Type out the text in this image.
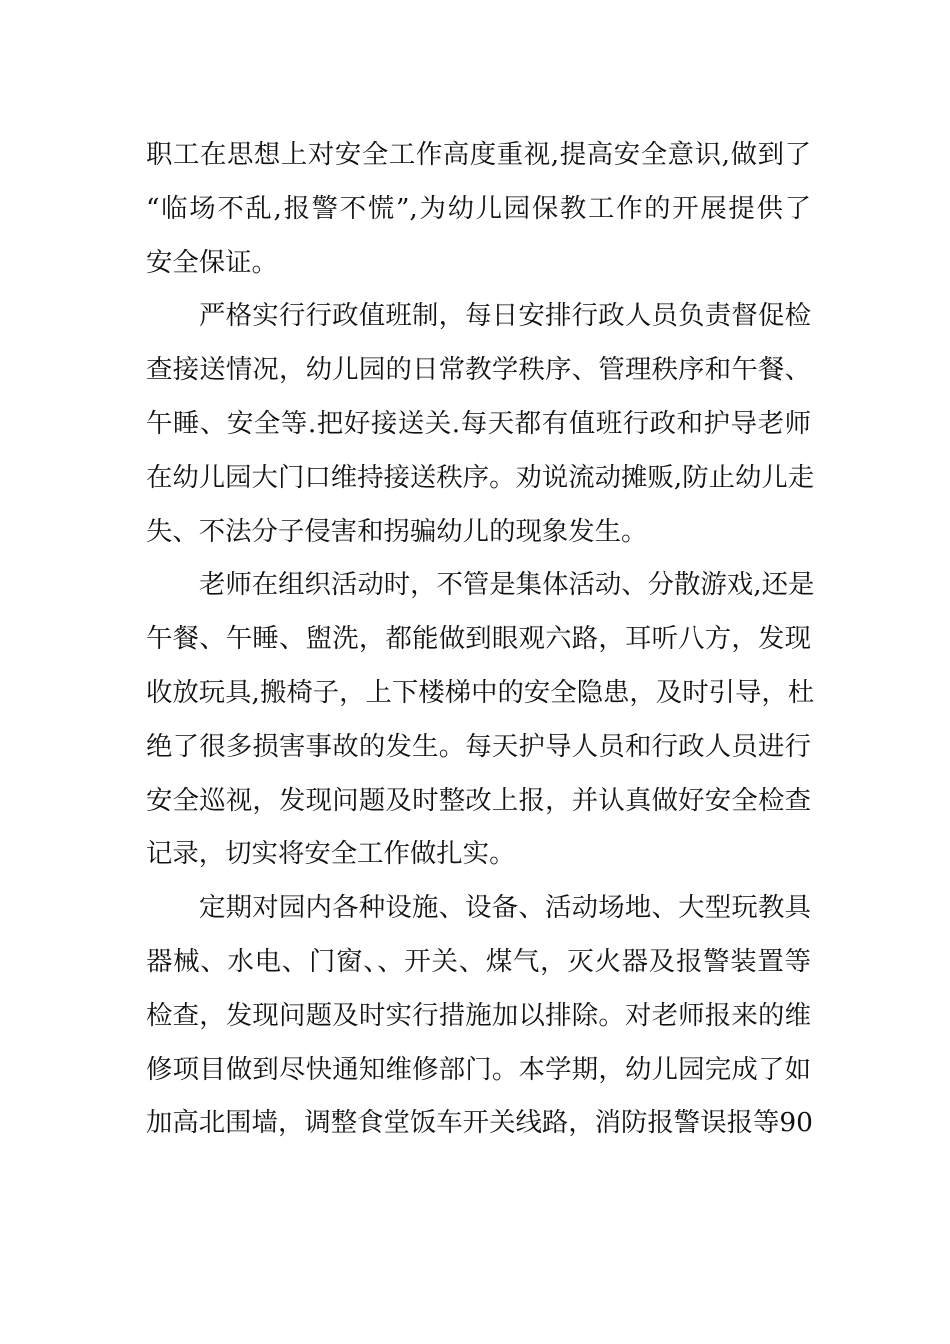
职工在思想上对安全工作高度重视,提高安全意识,做到了
“临场不乱,报警不慌”,为幼儿园保教工作的开展提供了
安全保证。
严格实行行政值班制，每日安排行政人员负责督促检
查接送情况，幼儿园的日常教学秩序、管理秩序和午餐、
午睡、安全等.把好接送关.每天都有值班行政和护导老师
在幼儿园大门口维持接送秩序。劝说流动摊贩,防止幼儿走
失、不法分子侵害和拐骗幼儿的现象发生。
老师在组织活动时，不管是集体活动、分散游戏,还是
午餐、午睡、盥洗，都能做到眼观六路，耳听八方，发现
收放玩具,搬椅子，上下楼梯中的安全隐患，及时引导，杜
绝了很多损害事故的发生。每天护导人员和行政人员进行
安全巡视，发现问题及时整改上报，并认真做好安全检查
记录，切实将安全工作做扎实。
定期对园内各种设施、设备、活动场地、大型玩教具
器械、水电、门窗、、开关、煤气，灭火器及报警装置等
检查，发现问题及时实行措施加以排除。对老师报来的维
修项目做到尽快通知维修部门。本学期，幼儿园完成了如
加高北围墙，调整食堂饭车开关线路，消防报警误报等90
